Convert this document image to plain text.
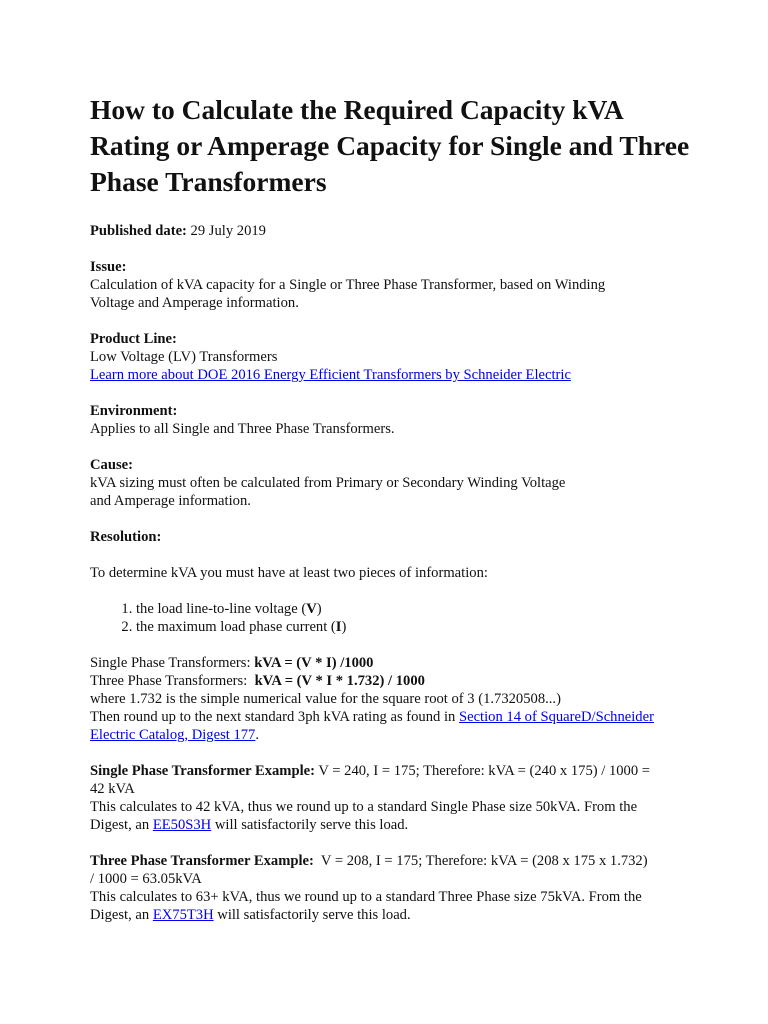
How to Calculate the Required Capacity kVA Rating or Amperage Capacity for Single and Three Phase Transformers

Published date: 29 July 2019

Issue:

Calculation of kVA capacity for a Single or Three Phase Transformer, based on Winding

Voltage and Amperage information.

Product Line:

Low Voltage (LV) Transformers

Learn more about DOE 2016 Energy Efficient Transformers by Schneider Electric

Environment:

Applies to all Single and Three Phase Transformers.

Cause:

kVA sizing must often be calculated from Primary or Secondary Winding Voltage

and Amperage information.

Resolution:

To determine kVA you must have at least two pieces of information:

1. the load line-to-line voltage (V)
2. the maximum load phase current (I)

Single Phase Transformers: kVA = (V * I) /1000

Three Phase Transformers:  kVA = (V * I * 1.732) / 1000

where 1.732 is the simple numerical value for the square root of 3 (1.7320508...)

Then round up to the next standard 3ph kVA rating as found in Section 14 of SquareD/Schneider

Electric Catalog, Digest 177.

Single Phase Transformer Example: V = 240, I = 175; Therefore: kVA = (240 x 175) / 1000 =

42 kVA

This calculates to 42 kVA, thus we round up to a standard Single Phase size 50kVA. From the

Digest, an EE50S3H will satisfactorily serve this load.

Three Phase Transformer Example:  V = 208, I = 175; Therefore: kVA = (208 x 175 x 1.732)

/ 1000 = 63.05kVA

This calculates to 63+ kVA, thus we round up to a standard Three Phase size 75kVA. From the

Digest, an EX75T3H will satisfactorily serve this load.
